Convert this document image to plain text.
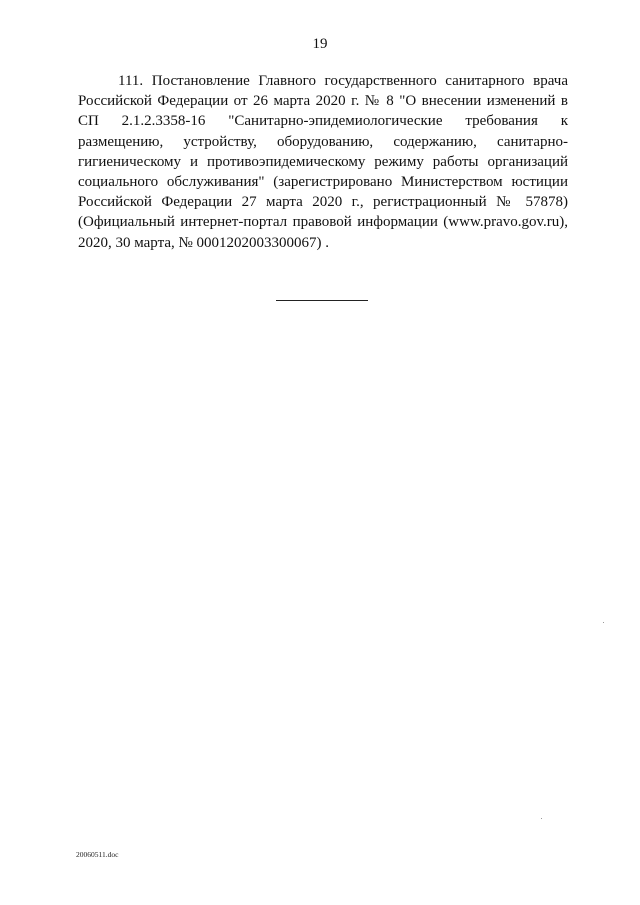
19

111. Постановление Главного государственного санитарного врача Российской Федерации от 26 марта 2020 г. № 8 "О внесении изменений в СП 2.1.2.3358-16 "Санитарно-эпидемиологические требования к размещению, устройству, оборудованию, содержанию, санитарно-гигиеническому и противоэпидемическому режиму работы организаций социального обслуживания" (зарегистрировано Министерством юстиции Российской Федерации 27 марта 2020 г., регистрационный № 57878) (Официальный интернет-портал правовой информации (www.pravo.gov.ru), 2020, 30 марта, № 0001202003300067) .

20060511.doc
